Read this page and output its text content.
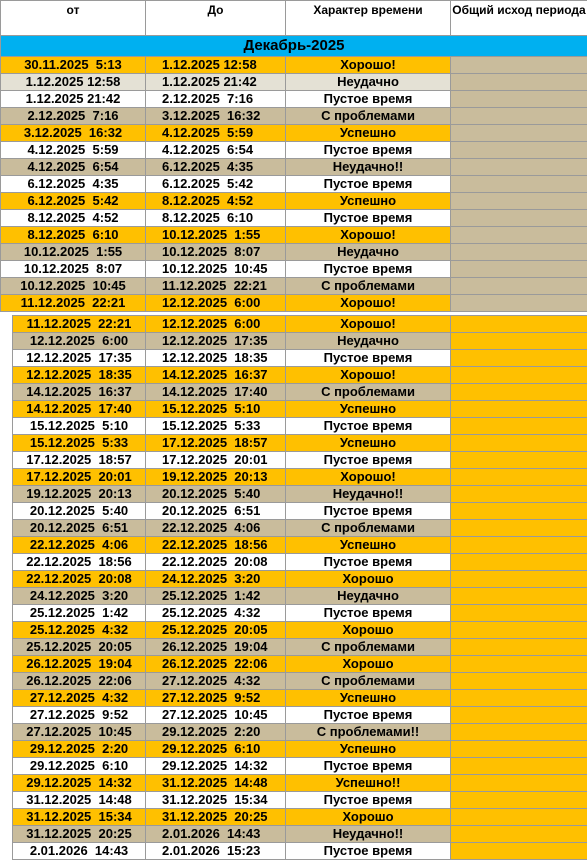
от	До	Характер времени	Общий исход периода
Декабрь-2025			
30.11.2025  5:13	1.12.2025 12:58	Хорошо!	
1.12.2025 12:58	1.12.2025 21:42	Неудачно	
1.12.2025 21:42	2.12.2025  7:16	Пустое время	
2.12.2025  7:16	3.12.2025  16:32	С проблемами	
3.12.2025  16:32	4.12.2025  5:59	Успешно	
4.12.2025  5:59	4.12.2025  6:54	Пустое время	
4.12.2025  6:54	6.12.2025  4:35	Неудачно!!	
6.12.2025  4:35	6.12.2025  5:42	Пустое время	
6.12.2025  5:42	8.12.2025  4:52	Успешно	
8.12.2025  4:52	8.12.2025  6:10	Пустое время	
8.12.2025  6:10	10.12.2025  1:55	Хорошо!	
10.12.2025  1:55	10.12.2025  8:07	Неудачно	
10.12.2025  8:07	10.12.2025  10:45	Пустое время	
10.12.2025  10:45	11.12.2025  22:21	С проблемами	
11.12.2025  22:21	12.12.2025  6:00	Хорошо!	
11.12.2025  22:21	12.12.2025  6:00	Хорошо!	
12.12.2025  6:00	12.12.2025  17:35	Неудачно	
12.12.2025  17:35	12.12.2025  18:35	Пустое время	
12.12.2025  18:35	14.12.2025  16:37	Хорошо!	
14.12.2025  16:37	14.12.2025  17:40	С проблемами	
14.12.2025  17:40	15.12.2025  5:10	Успешно	
15.12.2025  5:10	15.12.2025  5:33	Пустое время	
15.12.2025  5:33	17.12.2025  18:57	Успешно	
17.12.2025  18:57	17.12.2025  20:01	Пустое время	
17.12.2025  20:01	19.12.2025  20:13	Хорошо!	
19.12.2025  20:13	20.12.2025  5:40	Неудачно!!	
20.12.2025  5:40	20.12.2025  6:51	Пустое время	
20.12.2025  6:51	22.12.2025  4:06	С проблемами	
22.12.2025  4:06	22.12.2025  18:56	Успешно	
22.12.2025  18:56	22.12.2025  20:08	Пустое время	
22.12.2025  20:08	24.12.2025  3:20	Хорошо	
24.12.2025  3:20	25.12.2025  1:42	Неудачно	
25.12.2025  1:42	25.12.2025  4:32	Пустое время	
25.12.2025  4:32	25.12.2025  20:05	Хорошо	
25.12.2025  20:05	26.12.2025  19:04	С проблемами	
26.12.2025  19:04	26.12.2025  22:06	Хорошо	
26.12.2025  22:06	27.12.2025  4:32	С проблемами	
27.12.2025  4:32	27.12.2025  9:52	Успешно	
27.12.2025  9:52	27.12.2025  10:45	Пустое время	
27.12.2025  10:45	29.12.2025  2:20	С проблемами!!	
29.12.2025  2:20	29.12.2025  6:10	Успешно	
29.12.2025  6:10	29.12.2025  14:32	Пустое время	
29.12.2025  14:32	31.12.2025  14:48	Успешно!!	
31.12.2025  14:48	31.12.2025  15:34	Пустое время	
31.12.2025  15:34	31.12.2025  20:25	Хорошо	
31.12.2025  20:25	2.01.2026  14:43	Неудачно!!	
2.01.2026  14:43	2.01.2026  15:23	Пустое время	
